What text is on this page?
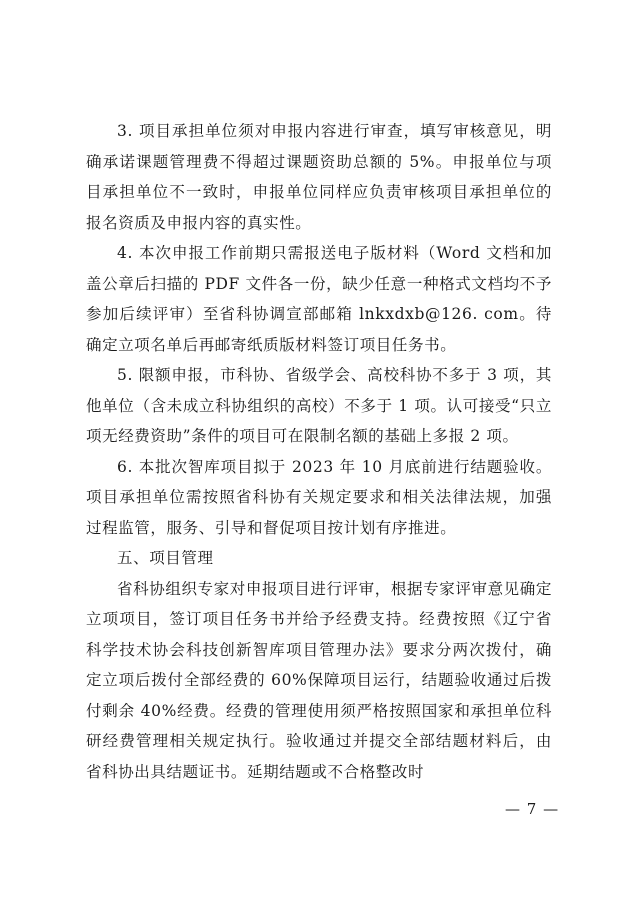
3. 项目承担单位须对申报内容进行审查，填写审核意见，明确承诺课题管理费不得超过课题资助总额的 5%。申报单位与项目承担单位不一致时，申报单位同样应负责审核项目承担单位的报名资质及申报内容的真实性。

4. 本次申报工作前期只需报送电子版材料（Word 文档和加盖公章后扫描的 PDF 文件各一份，缺少任意一种格式文档均不予参加后续评审）至省科协调宣部邮箱 lnkxdxb@126. com。待确定立项名单后再邮寄纸质版材料签订项目任务书。

5. 限额申报，市科协、省级学会、高校科协不多于 3 项，其他单位（含未成立科协组织的高校）不多于 1 项。认可接受“只立项无经费资助”条件的项目可在限制名额的基础上多报 2 项。

6. 本批次智库项目拟于 2023 年 10 月底前进行结题验收。项目承担单位需按照省科协有关规定要求和相关法律法规，加强过程监管，服务、引导和督促项目按计划有序推进。

五、项目管理

省科协组织专家对申报项目进行评审，根据专家评审意见确定立项项目，签订项目任务书并给予经费支持。经费按照《辽宁省科学技术协会科技创新智库项目管理办法》要求分两次拨付，确定立项后拨付全部经费的 60%保障项目运行，结题验收通过后拨付剩余 40%经费。经费的管理使用须严格按照国家和承担单位科研经费管理相关规定执行。验收通过并提交全部结题材料后，由省科协出具结题证书。延期结题或不合格整改时

— 7 —
